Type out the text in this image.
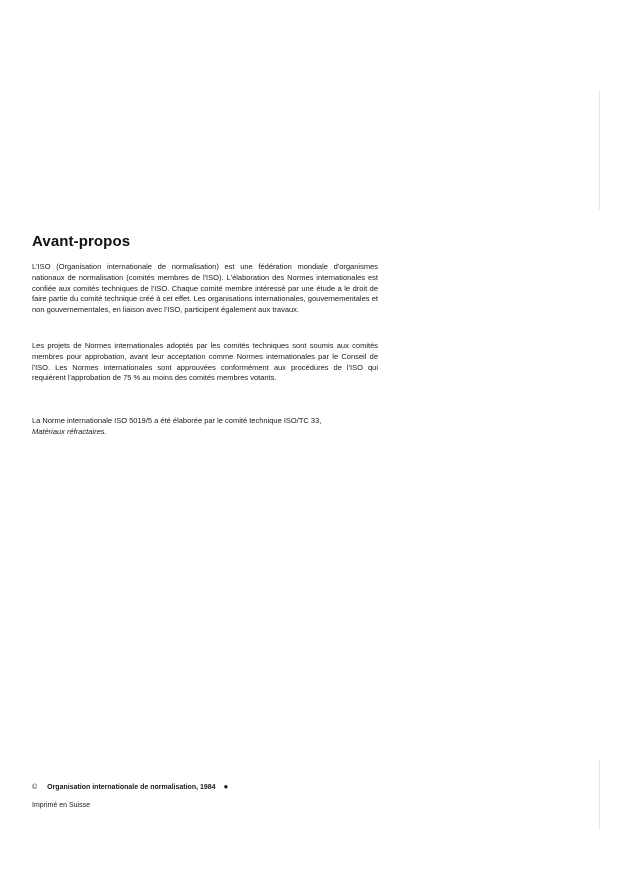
Avant-propos

L'ISO (Organisation internationale de normalisation) est une fédération mondiale d'organismes nationaux de normalisation (comités membres de l'ISO). L'élaboration des Normes internationales est confiée aux comités techniques de l'ISO. Chaque comité membre intéressé par une étude a le droit de faire partie du comité technique créé à cet effet. Les organisations internationales, gouvernementales et non gouvernementales, en liaison avec l'ISO, participent également aux travaux.

Les projets de Normes internationales adoptés par les comités techniques sont soumis aux comités membres pour approbation, avant leur acceptation comme Normes internationales par le Conseil de l'ISO. Les Normes internationales sont approuvées conformément aux procédures de l'ISO qui requièrent l'approbation de 75 % au moins des comités membres votants.

La Norme internationale ISO 5019/5 a été élaborée par le comité technique ISO/TC 33,
Matériaux réfractaires.

© Organisation internationale de normalisation, 1984 ●
Imprimé en Suisse
